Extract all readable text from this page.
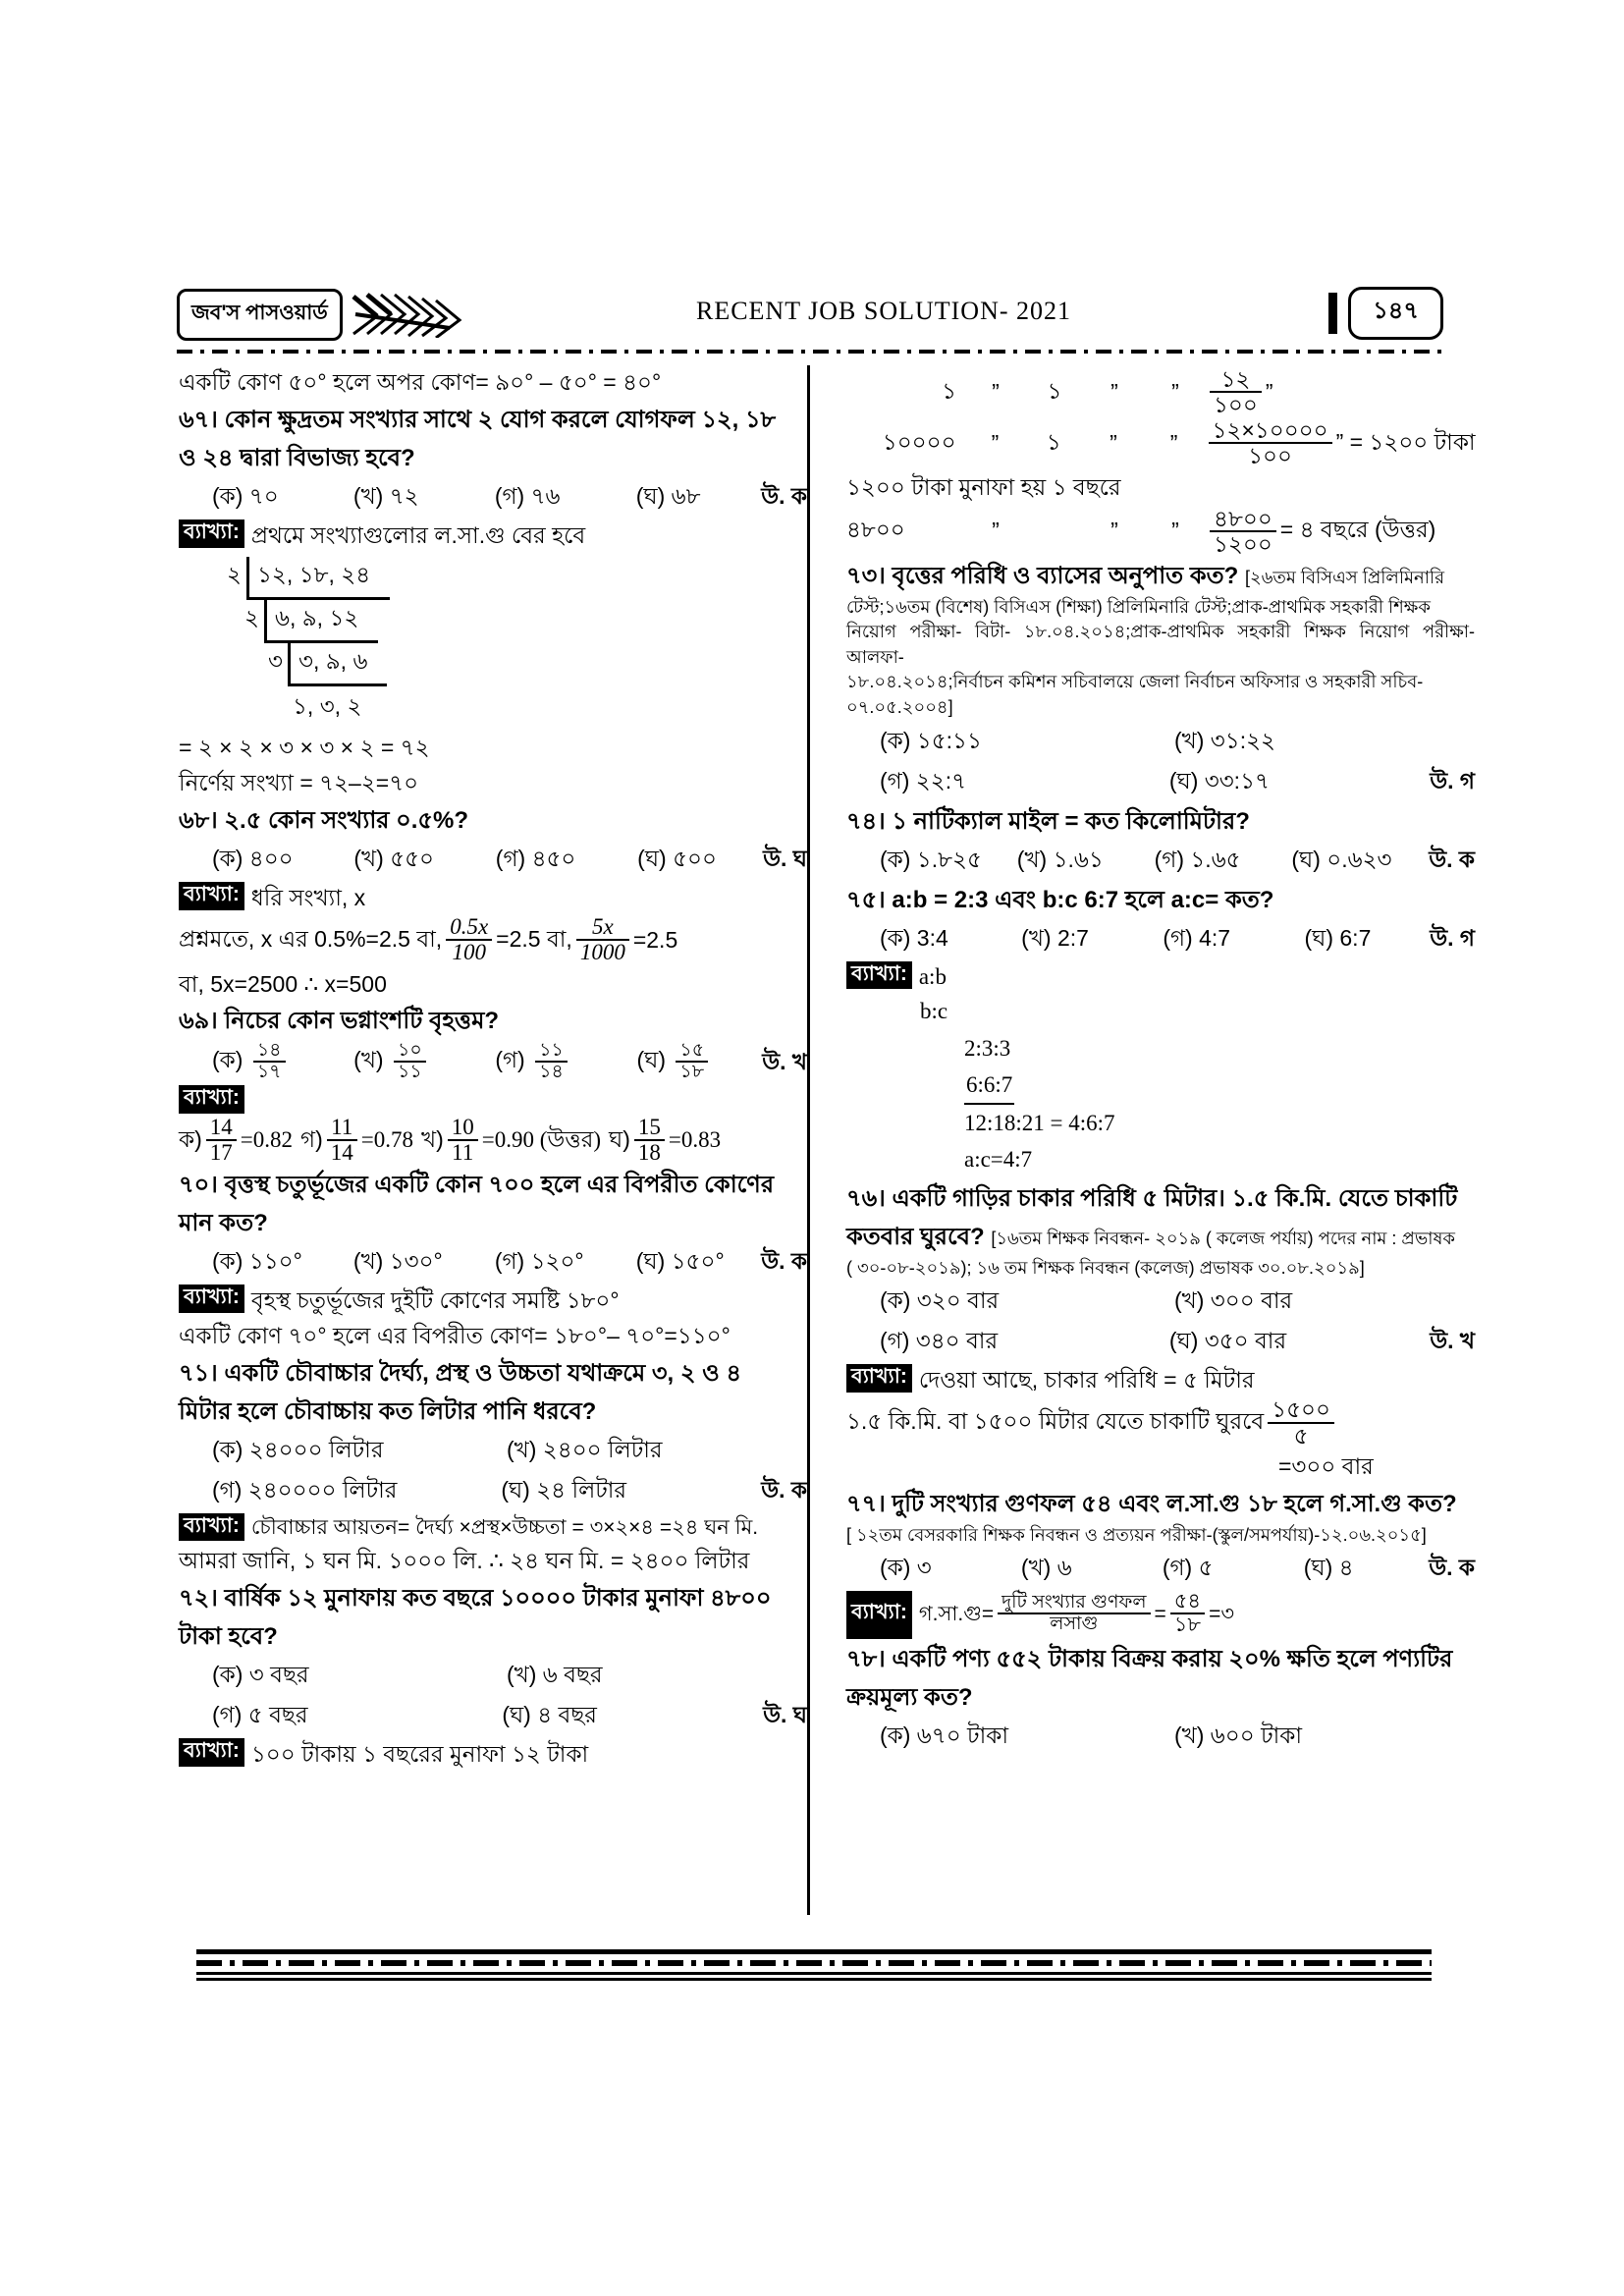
জব'স পাসওয়ার্ড	RECENT JOB SOLUTION- 2021	১৪৭
একটি কোণ ৫০° হলে অপর কোণ= ৯০° – ৫০° = ৪০°
৬৭। কোন ক্ষুদ্রতম সংখ্যার সাথে ২ যোগ করলে যোগফল ১২, ১৮
ও ২৪ দ্বারা বিভাজ্য হবে?
(ক) ৭০	(খ) ৭২	(গ) ৭৬	(ঘ) ৬৮	উ. ক
ব্যাখ্যা: প্রথমে সংখ্যাগুলোর ল.সা.গু বের হবে
২ ১২, ১৮, ২৪
২ ৬, ৯, ১২
৩ ৩, ৯, ৬
১, ৩, ২
= ২ × ২ × ৩ × ৩ × ২ = ৭২
নির্ণেয় সংখ্যা = ৭২–২=৭০
৬৮। ২.৫ কোন সংখ্যার ০.৫%?
(ক) ৪০০	(খ) ৫৫০	(গ) ৪৫০	(ঘ) ৫০০	উ. ঘ
ব্যাখ্যা: ধরি সংখ্যা, x
প্রশ্নমতে, x এর 0.5%=2.5 বা, $\frac{0.5x}{100} =2.5$ বা, $\frac{5x}{1000} =2.5$
বা, 5x=2500 ∴ x=500
৬৯। নিচের কোন ভগ্নাংশটি বৃহত্তম?
(ক) $\frac{১৪}{১৭}$	(খ) $\frac{১০}{১১}$	(গ) $\frac{১১}{১৪}$	(ঘ) $\frac{১৫}{১৮}$ উ. খ
ব্যাখ্যা:
ক) $\frac{14}{17} =0.82$ গ) $\frac{11}{14} =0.78$ খ) $\frac{10}{11} =0.90$ (উত্তর) ঘ) $\frac{15}{18} =0.83$
৭০। বৃত্তস্থ চতুর্ভূজের একটি কোন ৭০০ হলে এর বিপরীত কোণের
মান কত?
(ক) ১১০°	(খ) ১৩০°	(গ) ১২০°	(ঘ) ১৫০°	উ. ক
ব্যাখ্যা: বৃহস্থ চতুর্ভূজের দুইটি কোণের সমষ্টি ১৮০°
একটি কোণ ৭০° হলে এর বিপরীত কোণ= ১৮০°– ৭০°=১১০°
৭১। একটি চৌবাচ্চার দৈর্ঘ্য, প্রস্থ ও উচ্চতা যথাক্রমে ৩, ২ ও ৪
মিটার হলে চৌবাচ্চায় কত লিটার পানি ধরবে?
(ক) ২৪০০০ লিটার	(খ) ২৪০০ লিটার
(গ) ২৪০০০০ লিটার	(ঘ) ২৪ লিটার	উ. ক
ব্যাখ্যা: চৌবাচ্চার আয়তন= দৈর্ঘ্য ×প্রস্থ×উচ্চতা = ৩×২×৪ =২৪ ঘন মি.
আমরা জানি, ১ ঘন মি. ১০০০ লি. ∴ ২৪ ঘন মি. = ২৪০০ লিটার
৭২। বার্ষিক ১২ মুনাফায় কত বছরে ১০০০০ টাকার মুনাফা ৪৮০০
টাকা হবে?
(ক) ৩ বছর	(খ) ৬ বছর
(গ) ৫ বছর	(ঘ) ৪ বছর	উ. ঘ
ব্যাখ্যা: ১০০ টাকায় ১ বছরের মুনাফা ১২ টাকা
১	”	১	”	”	$\frac{১২}{১০০}$ ”
১০০০০	”	১	”	”	$\frac{১২\times ১০০০০}{১০০}$ ” = ১২০০ টাকা
১২০০ টাকা মুনাফা হয় ১ বছরে
৪৮০০	”	”	”	$\frac{৪৮০০}{১২০০}$ = ৪ বছরে (উত্তর)
৭৩। বৃত্তের পরিধি ও ব্যাসের অনুপাত কত? [২৬তম বিসিএস প্রিলিমিনারি
টেস্ট;১৬তম (বিশেষ) বিসিএস (শিক্ষা) প্রিলিমিনারি টেস্ট;প্রাক-প্রাথমিক সহকারী শিক্ষক
নিয়োগ পরীক্ষা- বিটা- ১৮.০৪.২০১৪;প্রাক-প্রাথমিক সহকারী শিক্ষক নিয়োগ পরীক্ষা- আলফা-
১৮.০৪.২০১৪;নির্বাচন কমিশন সচিবালয়ে জেলা নির্বাচন অফিসার ও সহকারী সচিব-
০৭.০৫.২০০৪]
(ক) ১৫:১১	(খ) ৩১:২২
(গ) ২২:৭	(ঘ) ৩৩:১৭	উ. গ
৭৪। ১ নাটিক্যাল মাইল = কত কিলোমিটার?
(ক) ১.৮২৫	(খ) ১.৬১	(গ) ১.৬৫	(ঘ) ০.৬২৩	উ. ক
৭৫। a:b = 2:3 এবং b:c 6:7 হলে a:c= কত?
(ক) 3:4	(খ) 2:7	(গ) 4:7	(ঘ) 6:7	উ. গ
ব্যাখ্যা: a:b
b:c
2:3:3
6:6:7
12:18:21 = 4:6:7
a:c=4:7
৭৬। একটি গাড়ির চাকার পরিধি ৫ মিটার। ১.৫ কি.মি. যেতে চাকাটি
কতবার ঘুরবে? [১৬তম শিক্ষক নিবন্ধন- ২০১৯ ( কলেজ পর্যায়) পদের নাম : প্রভাষক
( ৩০-০৮-২০১৯); ১৬ তম শিক্ষক নিবন্ধন (কলেজ) প্রভাষক ৩০.০৮.২০১৯]
(ক) ৩২০ বার	(খ) ৩০০ বার
(গ) ৩৪০ বার	(ঘ) ৩৫০ বার	উ. খ
ব্যাখ্যা: দেওয়া আছে, চাকার পরিধি = ৫ মিটার
১.৫ কি.মি. বা ১৫০০ মিটার যেতে চাকাটি ঘুরবে $\frac{১৫০০}{৫}$
=৩০০ বার
৭৭। দুটি সংখ্যার গুণফল ৫৪ এবং ল.সা.গু ১৮ হলে গ.সা.গু কত?
[ ১২তম বেসরকারি শিক্ষক নিবন্ধন ও প্রত্যয়ন পরীক্ষা-(স্কুল/সমপর্যায়)-১২.০৬.২০১৫]
(ক) ৩	(খ) ৬	(গ) ৫	(ঘ) ৪	উ. ক
ব্যাখ্যা: গ.সা.গু= $\frac{\text{দুটি সংখ্যার গুণফল}}{\text{লসাগু}} = \frac{৫৪}{১৮}$ =৩
৭৮। একটি পণ্য ৫৫২ টাকায় বিক্রয় করায় ২০% ক্ষতি হলে পণ্যটির
ক্রয়মূল্য কত?
(ক) ৬৭০ টাকা	(খ) ৬০০ টাকা
